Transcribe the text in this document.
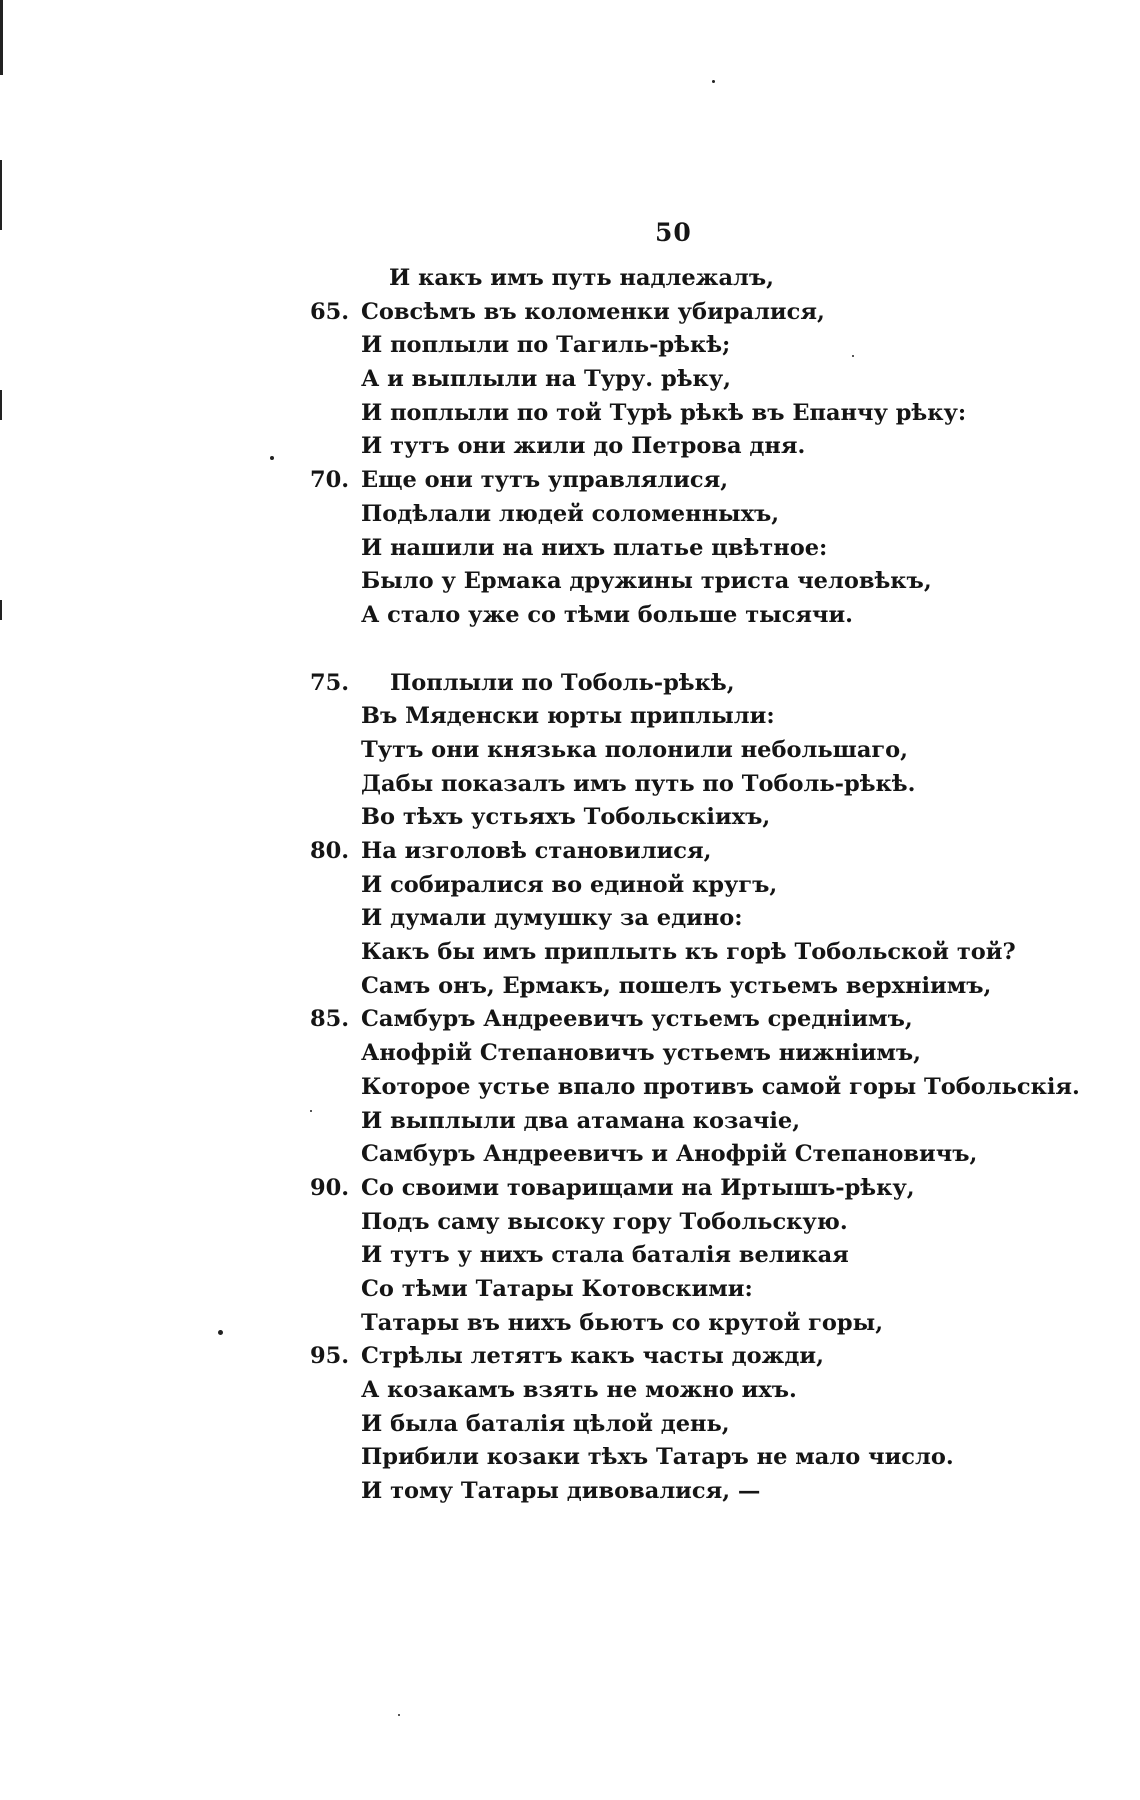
50
И какъ имъ путь надлежалъ,
65. Совсѣмъ въ коломенки убиралися,
И поплыли по Тагиль-рѣкѣ;
А и выплыли на Туру. рѣку,
И поплыли по той Турѣ рѣкѣ въ Епанчу рѣку:
И тутъ они жили до Петрова дня.
70. Еще они тутъ управлялися,
Подѣлали людей соломенныхъ,
И нашили на нихъ платье цвѣтное:
Было у Ермака дружины триста человѣкъ,
А стало уже со тѣми больше тысячи.
75.	Поплыли по Тоболь-рѣкѣ,
Въ Мяденски юрты приплыли:
Тутъ они князька полонили небольшаго,
Дабы показалъ имъ путь по Тоболь-рѣкѣ.
Во тѣхъ устьяхъ Тобольскіихъ,
80. На изголовѣ становилися,
И собиралися во единой кругъ,
И думали думушку за едино:
Какъ бы имъ приплыть къ горѣ Тобольской той?
Самъ онъ, Ермакъ, пошелъ устьемъ верхніимъ,
85. Самбуръ Андреевичъ устьемъ средніимъ,
Анофрій Степановичъ устьемъ нижніимъ,
Которое устье впало противъ самой горы Тобольскія.
И выплыли два атамана козачіе,
Самбуръ Андреевичъ и Анофрій Степановичъ,
90. Со своими товарищами на Иртышъ-рѣку,
Подъ саму высоку гору Тобольскую.
И тутъ у нихъ стала баталія великая
Со тѣми Татары Котовскими:
Татары въ нихъ бьютъ со крутой горы,
95. Стрѣлы летятъ какъ часты дожди,
А козакамъ взять не можно ихъ.
И была баталія цѣлой день,
Прибили козаки тѣхъ Татаръ не мало число.
И тому Татары дивовалися, —
